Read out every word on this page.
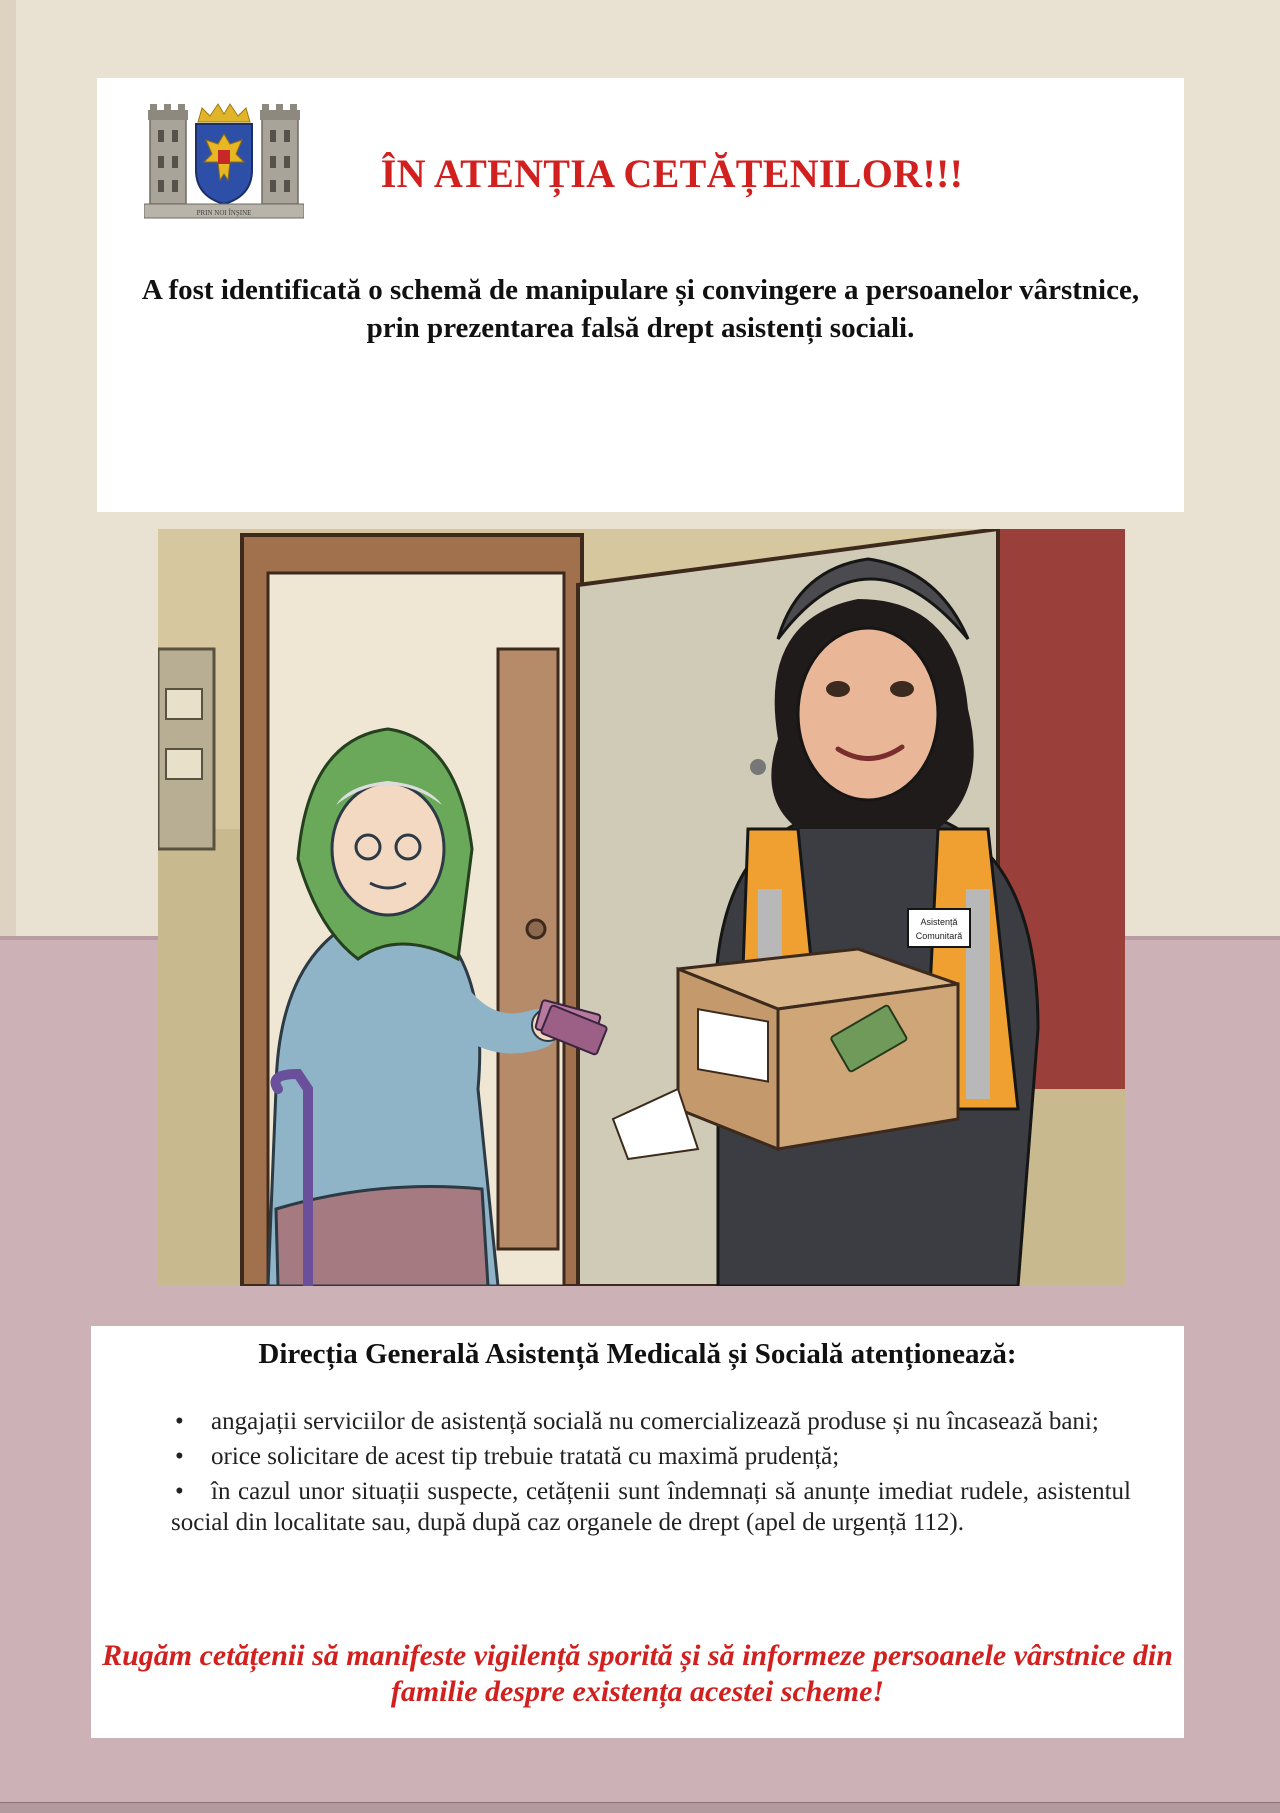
PRIN NOI ÎNȘINE
ÎN ATENȚIA CETĂȚENILOR!!!
A fost identificată o schemă de manipulare și convingere a persoanelor vârstnice, prin prezentarea falsă drept asistenți sociali.
Asistență
Comunitară
Direcția Generală Asistență Medicală și Socială atenționează:
• angajații serviciilor de asistență socială nu comercializează produse și nu încasează bani;
• orice solicitare de acest tip trebuie tratată cu maximă prudență;
• în cazul unor situații suspecte, cetățenii sunt îndemnați să anunțe imediat rudele, asistentul social din localitate sau, după după caz organele de drept (apel de urgență 112).
Rugăm cetățenii să manifeste vigilență sporită și să informeze persoanele vârstnice din familie despre existența acestei scheme!
